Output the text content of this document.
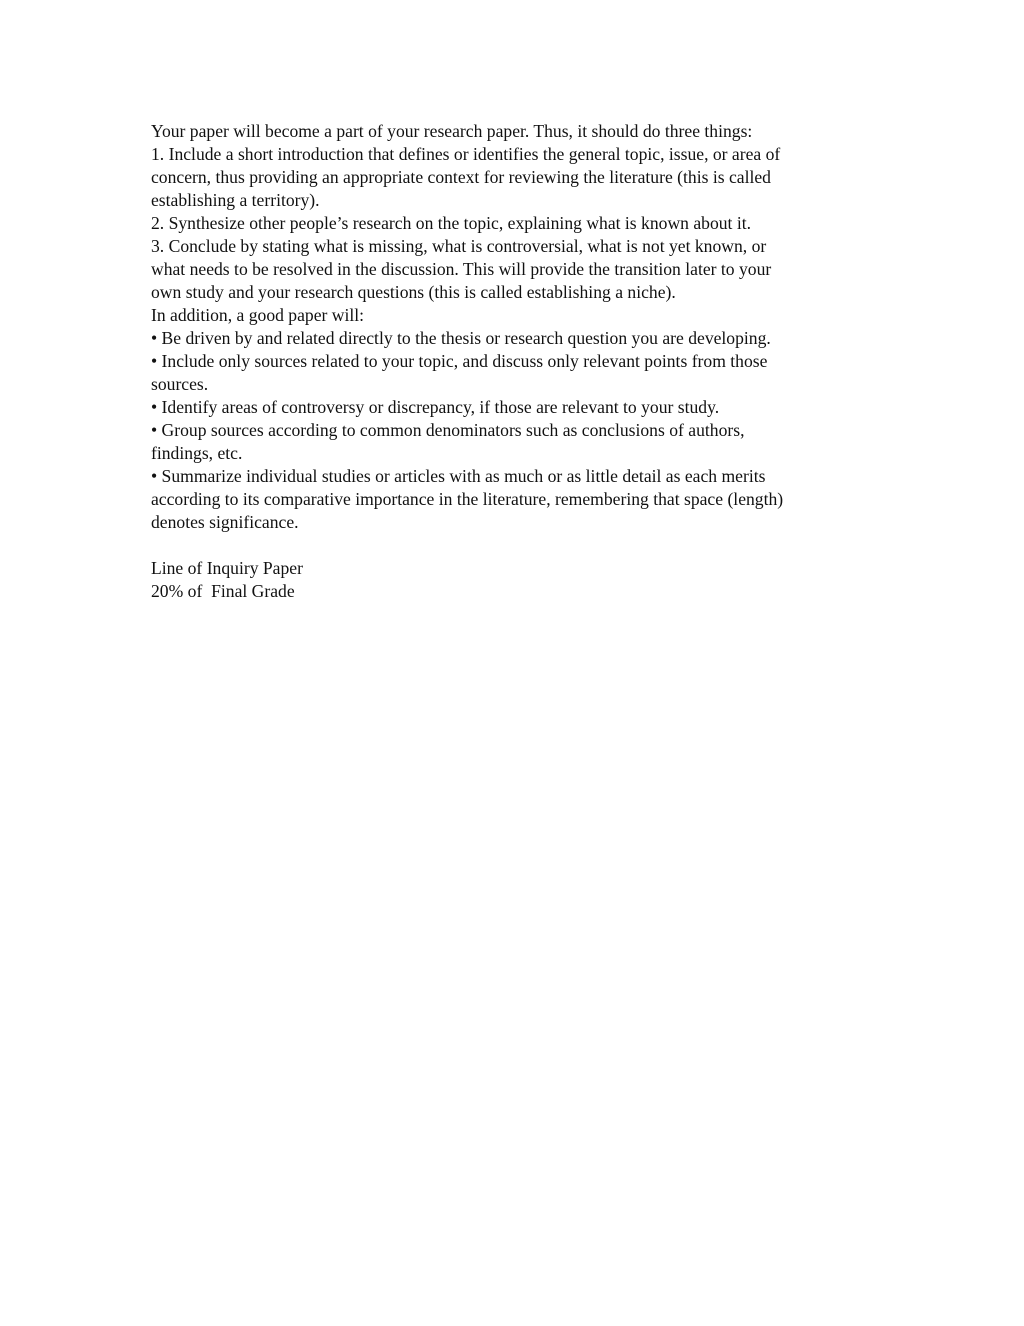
Your paper will become a part of your research paper. Thus, it should do three things:
1. Include a short introduction that defines or identifies the general topic, issue, or area of
concern, thus providing an appropriate context for reviewing the literature (this is called
establishing a territory).
2. Synthesize other people’s research on the topic, explaining what is known about it.
3. Conclude by stating what is missing, what is controversial, what is not yet known, or
what needs to be resolved in the discussion. This will provide the transition later to your
own study and your research questions (this is called establishing a niche).
In addition, a good paper will:
• Be driven by and related directly to the thesis or research question you are developing.
• Include only sources related to your topic, and discuss only relevant points from those
sources.
• Identify areas of controversy or discrepancy, if those are relevant to your study.
• Group sources according to common denominators such as conclusions of authors,
findings, etc.
• Summarize individual studies or articles with as much or as little detail as each merits
according to its comparative importance in the literature, remembering that space (length)
denotes significance.
Line of Inquiry Paper
20% of  Final Grade
